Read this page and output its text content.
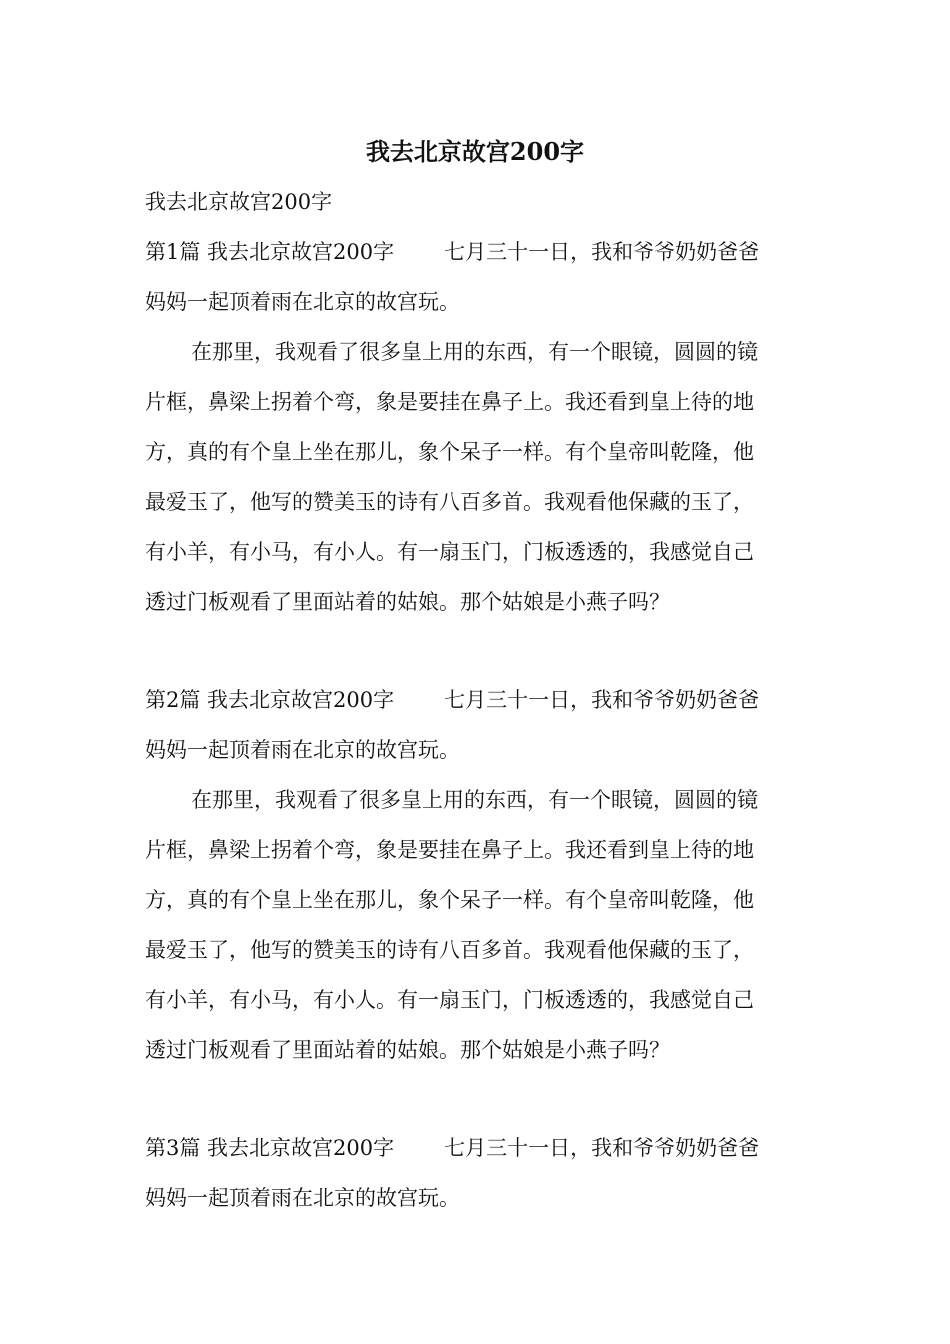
我去北京故宫200字

我去北京故宫200字

第1篇 我去北京故宫200字 七月三十一日，我和爷爷奶奶爸爸

妈妈一起顶着雨在北京的故宫玩。

在那里，我观看了很多皇上用的东西，有一个眼镜，圆圆的镜

片框，鼻梁上拐着个弯，象是要挂在鼻子上。我还看到皇上待的地

方，真的有个皇上坐在那儿，象个呆子一样。有个皇帝叫乾隆，他

最爱玉了，他写的赞美玉的诗有八百多首。我观看他保藏的玉了，

有小羊，有小马，有小人。有一扇玉门，门板透透的，我感觉自己

透过门板观看了里面站着的姑娘。那个姑娘是小燕子吗？

第2篇 我去北京故宫200字 七月三十一日，我和爷爷奶奶爸爸

妈妈一起顶着雨在北京的故宫玩。

在那里，我观看了很多皇上用的东西，有一个眼镜，圆圆的镜

片框，鼻梁上拐着个弯，象是要挂在鼻子上。我还看到皇上待的地

方，真的有个皇上坐在那儿，象个呆子一样。有个皇帝叫乾隆，他

最爱玉了，他写的赞美玉的诗有八百多首。我观看他保藏的玉了，

有小羊，有小马，有小人。有一扇玉门，门板透透的，我感觉自己

透过门板观看了里面站着的姑娘。那个姑娘是小燕子吗？

第3篇 我去北京故宫200字 七月三十一日，我和爷爷奶奶爸爸

妈妈一起顶着雨在北京的故宫玩。
